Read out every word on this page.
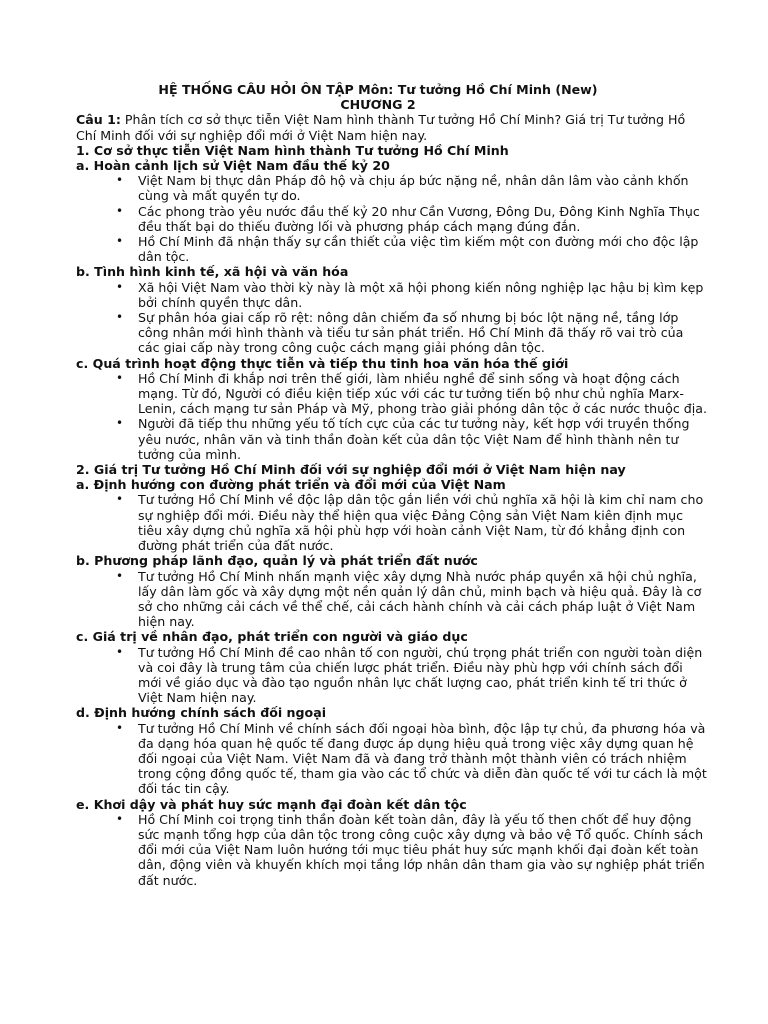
HỆ THỐNG CÂU HỎI ÔN TẬP Môn: Tư tưởng Hồ Chí Minh (New)

CHƯƠNG 2

Câu 1: Phân tích cơ sở thực tiễn Việt Nam hình thành Tư tưởng Hồ Chí Minh? Giá trị Tư tưởng Hồ Chí Minh đối với sự nghiệp đổi mới ở Việt Nam hiện nay.

1. Cơ sở thực tiễn Việt Nam hình thành Tư tưởng Hồ Chí Minh

a. Hoàn cảnh lịch sử Việt Nam đầu thế kỷ 20

• Việt Nam bị thực dân Pháp đô hộ và chịu áp bức nặng nề, nhân dân lâm vào cảnh khốn cùng và mất quyền tự do.
• Các phong trào yêu nước đầu thế kỷ 20 như Cần Vương, Đông Du, Đông Kinh Nghĩa Thục đều thất bại do thiếu đường lối và phương pháp cách mạng đúng đắn.
• Hồ Chí Minh đã nhận thấy sự cần thiết của việc tìm kiếm một con đường mới cho độc lập dân tộc.

b. Tình hình kinh tế, xã hội và văn hóa

• Xã hội Việt Nam vào thời kỳ này là một xã hội phong kiến nông nghiệp lạc hậu bị kìm kẹp bởi chính quyền thực dân.
• Sự phân hóa giai cấp rõ rệt: nông dân chiếm đa số nhưng bị bóc lột nặng nề, tầng lớp công nhân mới hình thành và tiểu tư sản phát triển. Hồ Chí Minh đã thấy rõ vai trò của các giai cấp này trong công cuộc cách mạng giải phóng dân tộc.

c. Quá trình hoạt động thực tiễn và tiếp thu tinh hoa văn hóa thế giới

• Hồ Chí Minh đi khắp nơi trên thế giới, làm nhiều nghề để sinh sống và hoạt động cách mạng. Từ đó, Người có điều kiện tiếp xúc với các tư tưởng tiến bộ như chủ nghĩa Marx-Lenin, cách mạng tư sản Pháp và Mỹ, phong trào giải phóng dân tộc ở các nước thuộc địa.
• Người đã tiếp thu những yếu tố tích cực của các tư tưởng này, kết hợp với truyền thống yêu nước, nhân văn và tinh thần đoàn kết của dân tộc Việt Nam để hình thành nên tư tưởng của mình.

2. Giá trị Tư tưởng Hồ Chí Minh đối với sự nghiệp đổi mới ở Việt Nam hiện nay

a. Định hướng con đường phát triển và đổi mới của Việt Nam

• Tư tưởng Hồ Chí Minh về độc lập dân tộc gắn liền với chủ nghĩa xã hội là kim chỉ nam cho sự nghiệp đổi mới. Điều này thể hiện qua việc Đảng Cộng sản Việt Nam kiên định mục tiêu xây dựng chủ nghĩa xã hội phù hợp với hoàn cảnh Việt Nam, từ đó khẳng định con đường phát triển của đất nước.

b. Phương pháp lãnh đạo, quản lý và phát triển đất nước

• Tư tưởng Hồ Chí Minh nhấn mạnh việc xây dựng Nhà nước pháp quyền xã hội chủ nghĩa, lấy dân làm gốc và xây dựng một nền quản lý dân chủ, minh bạch và hiệu quả. Đây là cơ sở cho những cải cách về thể chế, cải cách hành chính và cải cách pháp luật ở Việt Nam hiện nay.

c. Giá trị về nhân đạo, phát triển con người và giáo dục

• Tư tưởng Hồ Chí Minh đề cao nhân tố con người, chú trọng phát triển con người toàn diện và coi đây là trung tâm của chiến lược phát triển. Điều này phù hợp với chính sách đổi mới về giáo dục và đào tạo nguồn nhân lực chất lượng cao, phát triển kinh tế tri thức ở Việt Nam hiện nay.

d. Định hướng chính sách đối ngoại

• Tư tưởng Hồ Chí Minh về chính sách đối ngoại hòa bình, độc lập tự chủ, đa phương hóa và đa dạng hóa quan hệ quốc tế đang được áp dụng hiệu quả trong việc xây dựng quan hệ đối ngoại của Việt Nam. Việt Nam đã và đang trở thành một thành viên có trách nhiệm trong cộng đồng quốc tế, tham gia vào các tổ chức và diễn đàn quốc tế với tư cách là một đối tác tin cậy.

e. Khơi dậy và phát huy sức mạnh đại đoàn kết dân tộc

• Hồ Chí Minh coi trọng tinh thần đoàn kết toàn dân, đây là yếu tố then chốt để huy động sức mạnh tổng hợp của dân tộc trong công cuộc xây dựng và bảo vệ Tổ quốc. Chính sách đổi mới của Việt Nam luôn hướng tới mục tiêu phát huy sức mạnh khối đại đoàn kết toàn dân, động viên và khuyến khích mọi tầng lớp nhân dân tham gia vào sự nghiệp phát triển đất nước.
